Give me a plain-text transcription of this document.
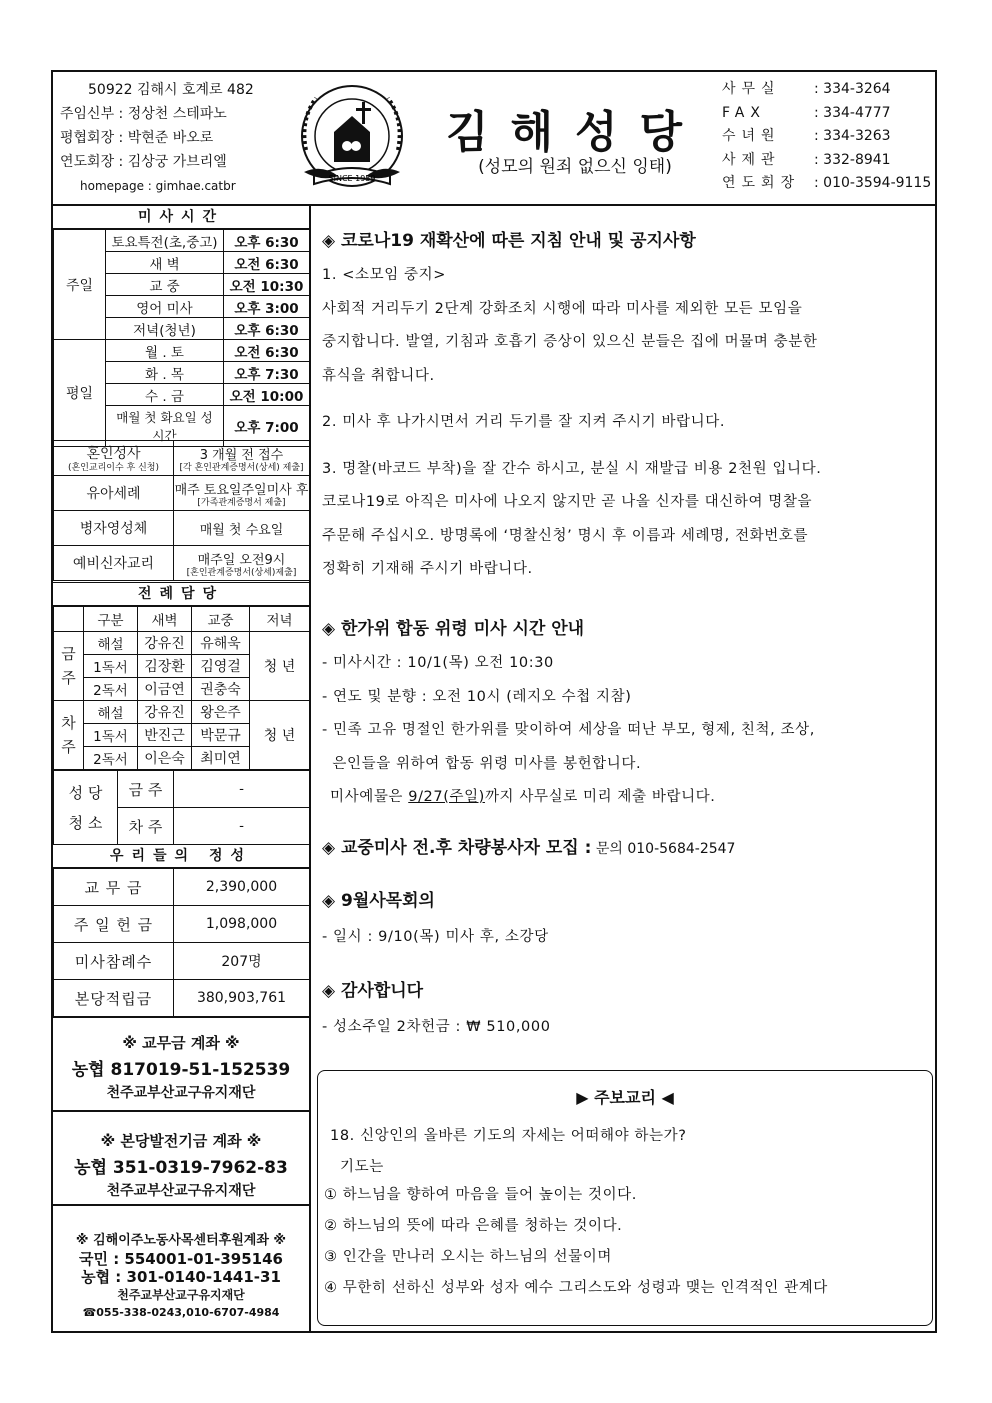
50922 김해시 호계로 482
주임신부 : 정상천 스테파노
평협회장 : 박현준 바오로
연도회장 : 김상궁 가브리엘
homepage : gimhae.catbr
SINCE 1959
김해성당
(성모의 원죄 없으신 잉태)
사무실	: 334-3264
FAX	: 334-4777
수녀원	: 334-3263
사제관	: 332-8941
연도회장 : 010-3594-9115
미사시간
주일	토요특전(초,중고)	오후 6:30
	새 벽	오전 6:30
	교 중	오전 10:30
	영어 미사	오후 3:00
	저녁(청년)	오후 6:30
평일	월 . 토	오전 6:30
	화 . 목	오후 7:30
	수 . 금	오전 10:00
	매월 첫 화요일 성시간	오후 7:00
혼인성사
(혼인교리이수 후 신청)	3 개월 전 접수
[각 혼인관계증명서(상세) 제출]

유아세례	매주 토요일주일미사 후
[가족관계증명서 제출]

병자영성체	매월 첫 수요일
예비신자교리	매주일 오전9시
[혼인관계증명서(상세)제출]
전례담당
	구분	새벽	교중	저녁

금주	해설	강유진	유해욱	청 년
	1독서	김장환	김영걸	
	2독서	이금연	권충숙	

차주	해설	강유진	왕은주	청 년
	1독서	반진근	박문규	
	2독서	이은숙	최미연	
성 당
청 소	금 주	-
	차 주	-
우리들의 정성
교 무 금	2,390,000
주 일 헌 금	1,098,000
미사참례수	207명
본당적립금	380,903,761
※ 교무금 계좌 ※
농협 817019-51-152539
천주교부산교구유지재단
※ 본당발전기금 계좌 ※
농협 351-0319-7962-83
천주교부산교구유지재단
※ 김해이주노동사목센터후원계좌 ※
국민 : 554001-01-395146
농협 : 301-0140-1441-31
천주교부산교구유지재단
☎055-338-0243,010-6707-4984

◈ 코로나19 재확산에 따른 지침 안내 및 공지사항

1. <소모임 중지>

사회적 거리두기 2단계 강화조치 시행에 따라 미사를 제외한 모든 모임을

중지합니다. 발열, 기침과 호흡기 증상이 있으신 분들은 집에 머물며 충분한

휴식을 취합니다.

2. 미사 후 나가시면서 거리 두기를 잘 지켜 주시기 바랍니다.

3. 명찰(바코드 부착)을 잘 간수 하시고, 분실 시 재발급 비용 2천원 입니다.

코로나19로 아직은 미사에 나오지 않지만 곧 나올 신자를 대신하여 명찰을

주문해 주십시오. 방명록에 ‘명찰신청’ 명시 후 이름과 세례명, 전화번호를

정확히 기재해 주시기 바랍니다.

◈ 한가위 합동 위령 미사 시간 안내

- 미사시간 : 10/1(목) 오전 10:30

- 연도 및 분향 : 오전 10시 (레지오 수첩 지참)

- 민족 고유 명절인 한가위를 맞이하여 세상을 떠난 부모, 형제, 친척, 조상,

은인들을 위하여 합동 위령 미사를 봉헌합니다.

미사예물은 9/27(주일)까지 사무실로 미리 제출 바랍니다.

◈ 교중미사 전.후 차량봉사자 모집 : 문의 010-5684-2547

◈ 9월사목회의

- 일시 : 9/10(목) 미사 후, 소강당

◈ 감사합니다

- 성소주일 2차헌금 : ₩ 510,000

▶ 주보교리 ◀
18. 신앙인의 올바른 기도의 자세는 어떠해야 하는가?
기도는
① 하느님을 향하여 마음을 들어 높이는 것이다.
② 하느님의 뜻에 따라 은혜를 청하는 것이다.
③ 인간을 만나러 오시는 하느님의 선물이며
④ 무한히 선하신 성부와 성자 예수 그리스도와 성령과 맺는 인격적인 관계다
